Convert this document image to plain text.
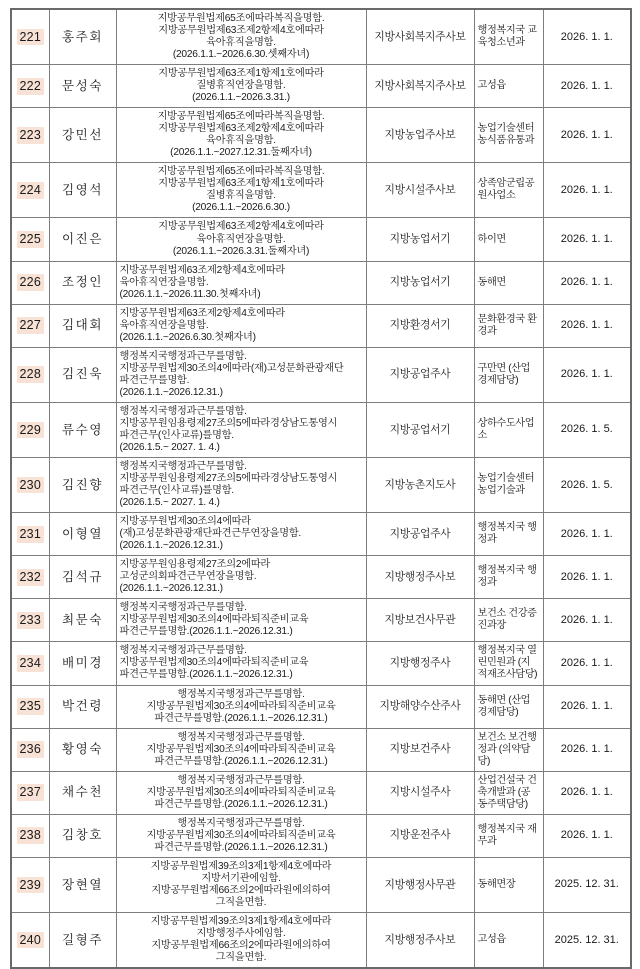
221	홍주회	지방공무원법제65조에따라복직을명함.
지방공무원법제63조제2항제4호에따라
육아휴직을명함.
(2026.1.1.~2026.6.30.셋째자녀)	지방사회복지주사보	행정복지국 교육청소년과	2026. 1. 1.
222	문성숙	지방공무원법제63조제1항제1호에따라
질병휴직연장을명함.
(2026.1.1.~2026.3.31.)	지방사회복지주사보	고성읍	2026. 1. 1.
223	강민선	지방공무원법제65조에따라복직을명함.
지방공무원법제63조제2항제4호에따라
육아휴직을명함.
(2026.1.1.~2027.12.31.둘째자녀)	지방농업주사보	농업기술센터 농식품유통과	2026. 1. 1.
224	김영석	지방공무원법제65조에따라복직을명함.
지방공무원법제63조제1항제1호에따라
질병휴직을명함.
(2026.1.1.~2026.6.30.)	지방시설주사보	상족암군립공원사업소	2026. 1. 1.
225	이진은	지방공무원법제63조제2항제4호에따라
육아휴직연장을명함.
(2026.1.1.~2026.3.31.둘째자녀)	지방농업서기	하이면	2026. 1. 1.
226	조정인	지방공무원법제63조제2항제4호에따라
육아휴직연장을명함.
(2026.1.1.~2026.11.30.첫째자녀)	지방농업서기	동해면	2026. 1. 1.
227	김대회	지방공무원법제63조제2항제4호에따라
육아휴직연장을명함.
(2026.1.1.~2026.6.30.첫째자녀)	지방환경서기	문화환경국 환경과	2026. 1. 1.
228	김진욱	행정복지국행정과근무를명함.
지방공무원법제30조의4에따라(재)고성문화관광재단
파견근무를명함.
(2026.1.1.~2026.12.31.)	지방공업주사	구만면 (산업경제담당)	2026. 1. 1.
229	류수영	행정복지국행정과근무를명함.
지방공무원임용령제27조의5에따라경상남도통영시
파견근무(인사교류)를명함.
(2026.1.5.~ 2027. 1. 4.)	지방공업서기	상하수도사업소	2026. 1. 5.
230	김진향	행정복지국행정과근무를명함.
지방공무원임용령제27조의5에따라경상남도통영시
파견근무(인사교류)를명함.
(2026.1.5.~ 2027. 1. 4.)	지방농촌지도사	농업기술센터 농업기술과	2026. 1. 5.
231	이형열	지방공무원법제30조의4에따라
(재)고성문화관광재단파견근무연장을명함.
(2026.1.1.~2026.12.31.)	지방공업주사	행정복지국 행정과	2026. 1. 1.
232	김석규	지방공무원임용령제27조의2에따라
고성군의회파견근무연장을명함.
(2026.1.1.~2026.12.31.)	지방행정주사보	행정복지국 행정과	2026. 1. 1.
233	최문숙	행정복지국행정과근무를명함.
지방공무원법제30조의4에따라퇴직준비교육
파견근무를명함.(2026.1.1.~2026.12.31.)	지방보건사무관	보건소 건강증진과장	2026. 1. 1.
234	배미경	행정복지국행정과근무를명함.
지방공무원법제30조의4에따라퇴직준비교육
파견근무를명함.(2026.1.1.~2026.12.31.)	지방행정주사	행정복지국 열린민원과 (지적재조사담당)	2026. 1. 1.
235	박건령	행정복지국행정과근무를명함.
지방공무원법제30조의4에따라퇴직준비교육
파견근무를명함.(2026.1.1.~2026.12.31.)	지방해양수산주사	동해면 (산업경제담당)	2026. 1. 1.
236	황영숙	행정복지국행정과근무를명함.
지방공무원법제30조의4에따라퇴직준비교육
파견근무를명함.(2026.1.1.~2026.12.31.)	지방보건주사	보건소 보건행정과 (의약담당)	2026. 1. 1.
237	채수천	행정복지국행정과근무를명함.
지방공무원법제30조의4에따라퇴직준비교육
파견근무를명함.(2026.1.1.~2026.12.31.)	지방시설주사	산업건설국 건축개발과 (공동주택담당)	2026. 1. 1.
238	김창호	행정복지국행정과근무를명함.
지방공무원법제30조의4에따라퇴직준비교육
파견근무를명함.(2026.1.1.~2026.12.31.)	지방운전주사	행정복지국 재무과	2026. 1. 1.
239	장현열	지방공무원법제39조의3제1항제4호에따라
지방서기관에임함.
지방공무원법제66조의2에따라원에의하여
그직을면함.	지방행정사무관	동해면장	2025. 12. 31.
240	길형주	지방공무원법제39조의3제1항제4호에따라
지방행정주사에임함.
지방공무원법제66조의2에따라원에의하여
그직을면함.	지방행정주사보	고성읍	2025. 12. 31.
